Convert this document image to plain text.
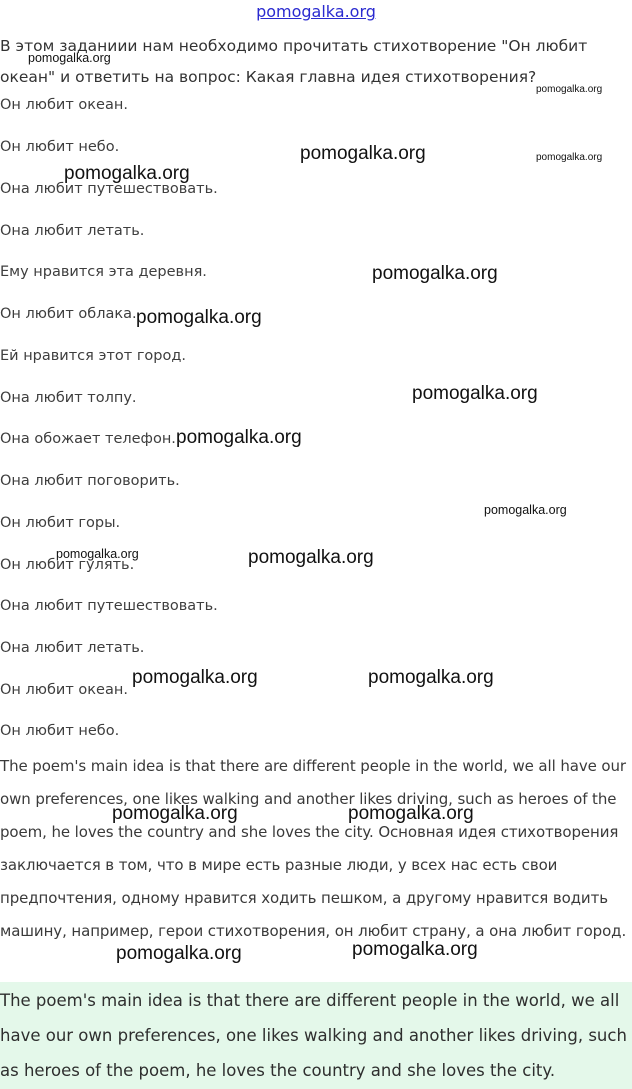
pomogalka.org
В этом заданиии нам необходимо прочитать стихотворение "Он любит океан" и ответить на вопрос: Какая главна идея стихотворения?
Он любит океан.
Он любит небо.
Она любит путешествовать.
Она любит летать.
Ему нравится эта деревня.
Он любит облака.
Ей нравится этот город.
Она любит толпу.
Она обожает телефон.
Она любит поговорить.
Он любит горы.
Он любит гулять.
Она любит путешествовать.
Она любит летать.
Он любит океан.
Он любит небо.
The poem's main idea is that there are different people in the world, we all have our own preferences, one likes walking and another likes driving, such as heroes of the poem, he loves the country and she loves the city. Основная идея стихотворения заключается в том, что в мире есть разные люди, у всех нас есть свои предпочтения, одному нравится ходить пешком, а другому нравится водить машину, например, герои стихотворения, он любит страну, а она любит город.
The poem's main idea is that there are different people in the world, we all have our own preferences, one likes walking and another likes driving, such as heroes of the poem, he loves the country and she loves the city.
pomogalka.org
pomogalka.org
pomogalka.org	pomogalka.org
pomogalka.org
pomogalka.org
pomogalka.org
pomogalka.org
pomogalka.org
pomogalka.org
pomogalka.org	pomogalka.org
pomogalka.org	pomogalka.org
pomogalka.org	pomogalka.org
pomogalka.org	pomogalka.org
